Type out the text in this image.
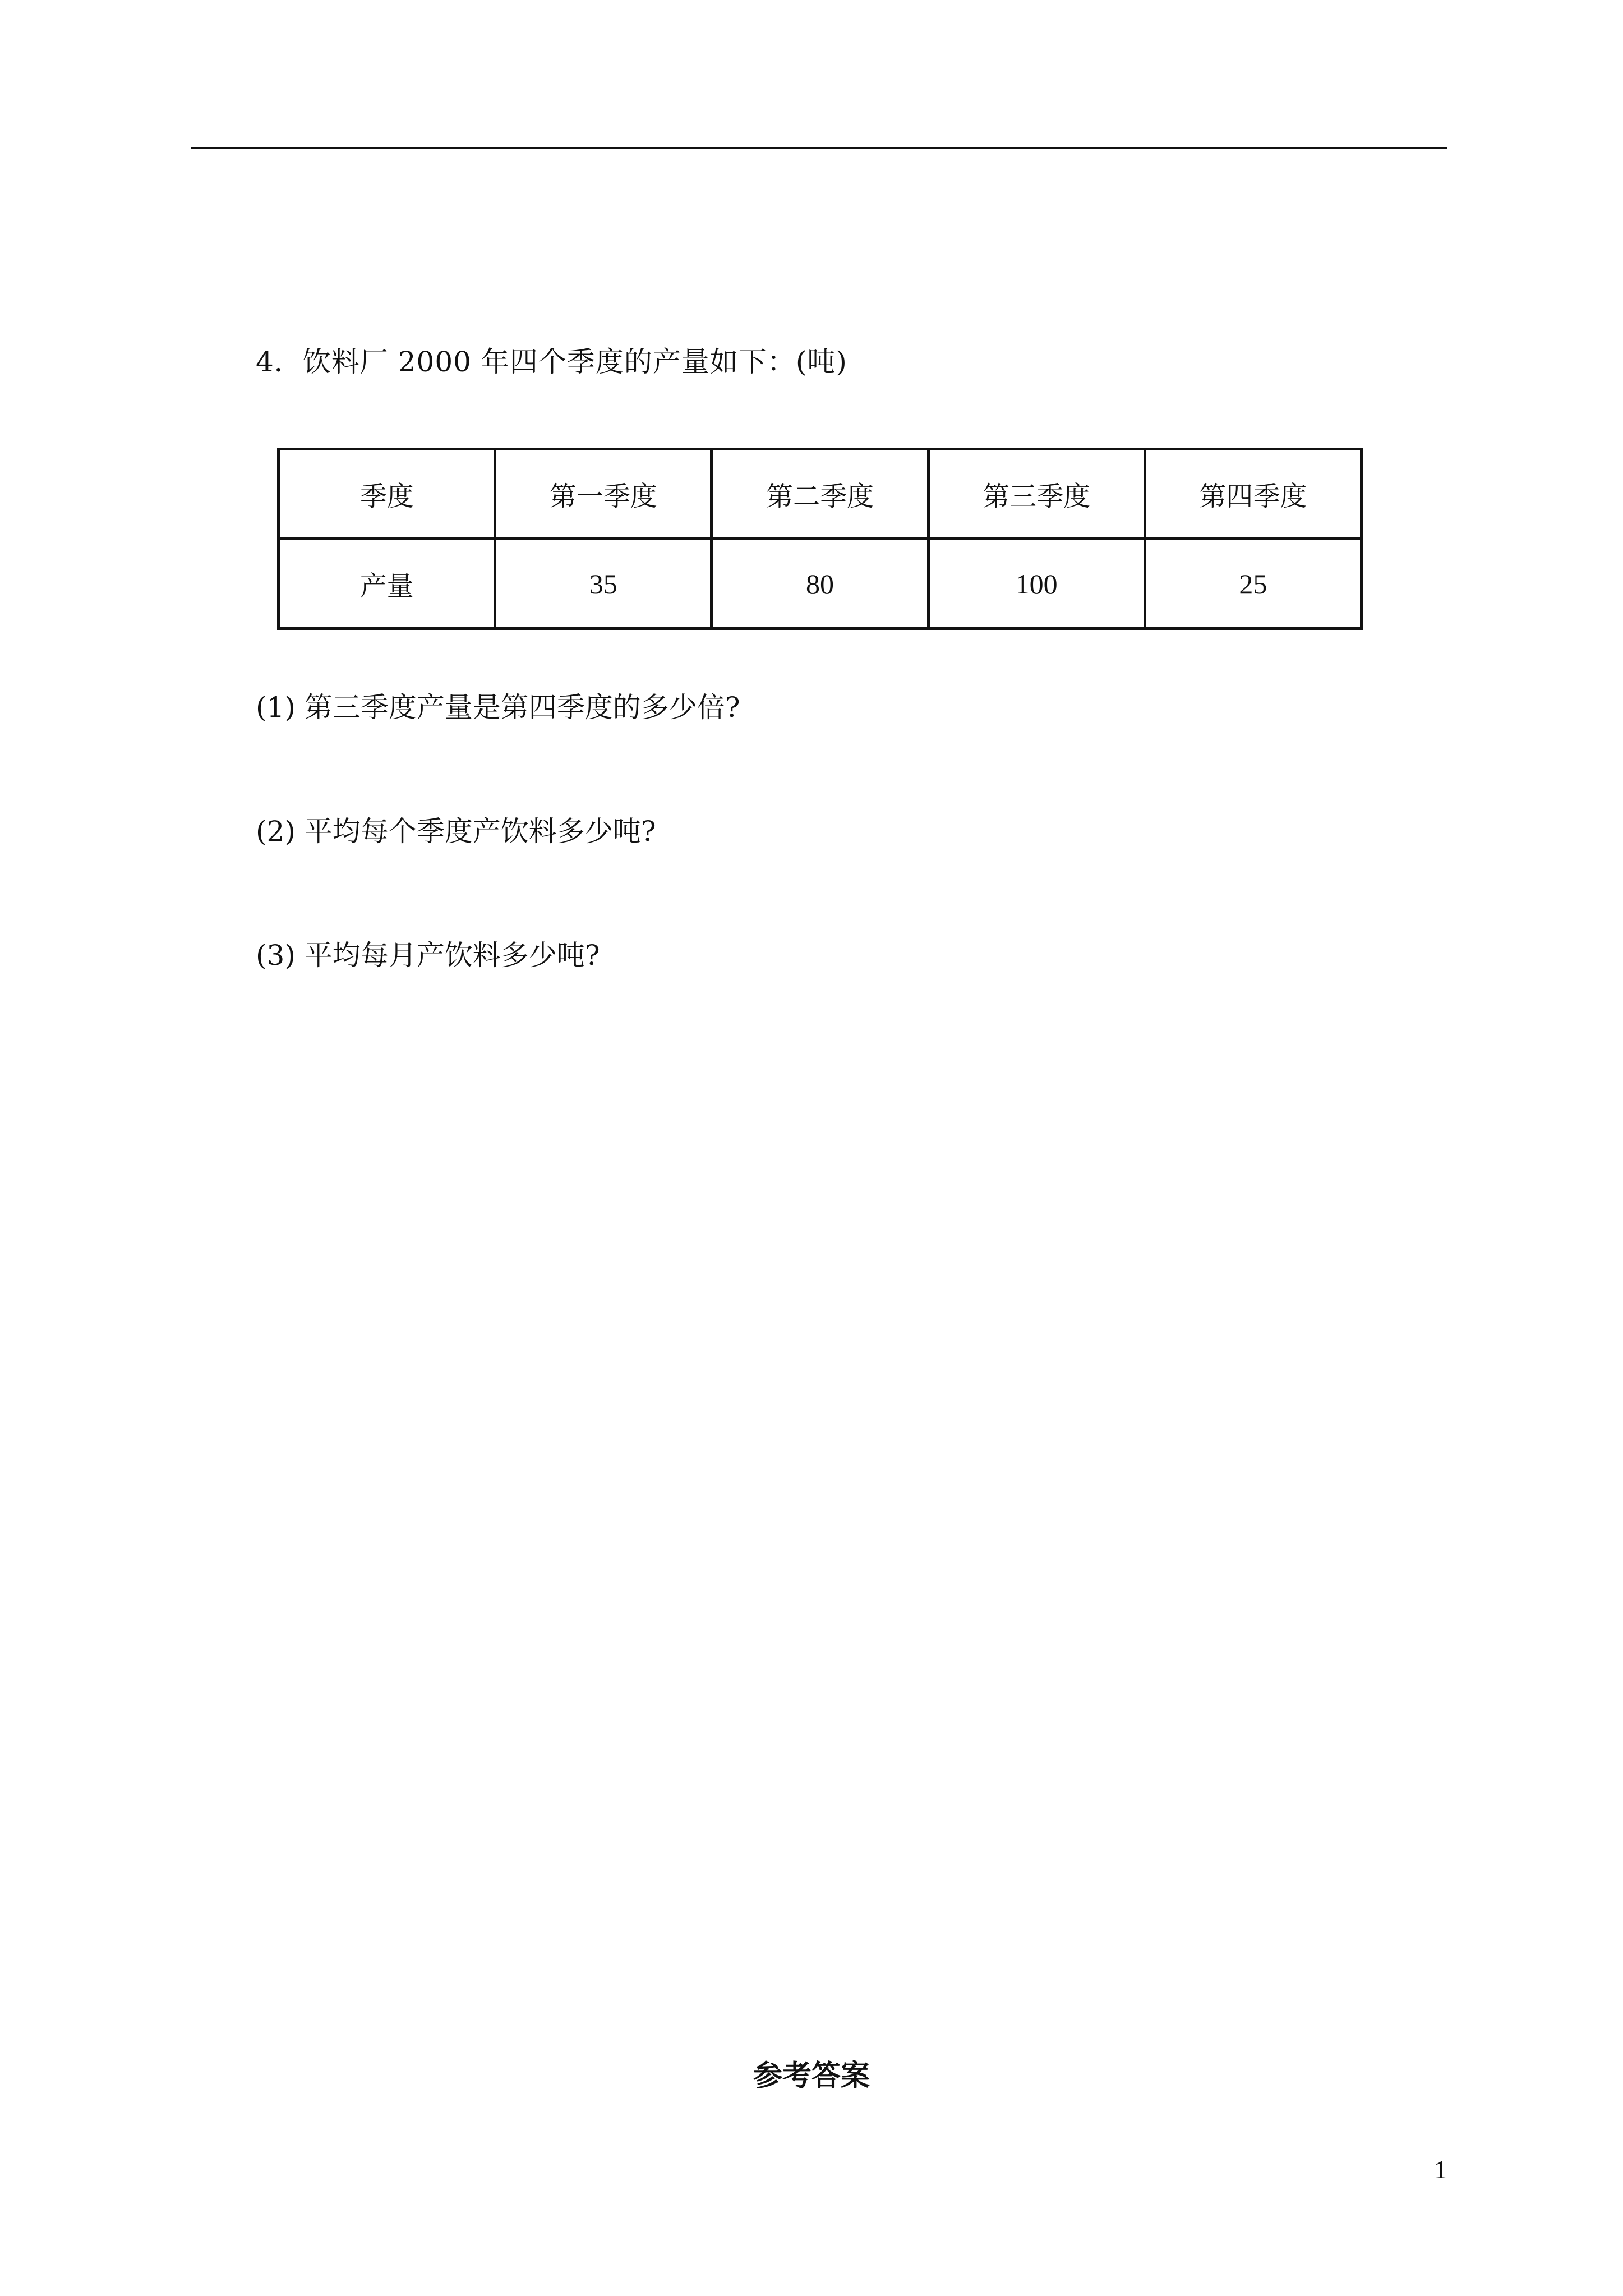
4．饮料厂 2000 年四个季度的产量如下：(吨)
季度	第一季度	第二季度	第三季度	第四季度
产量	35	80	100	25
(1) 第三季度产量是第四季度的多少倍?
(2) 平均每个季度产饮料多少吨?
(3) 平均每月产饮料多少吨?
参考答案
1
